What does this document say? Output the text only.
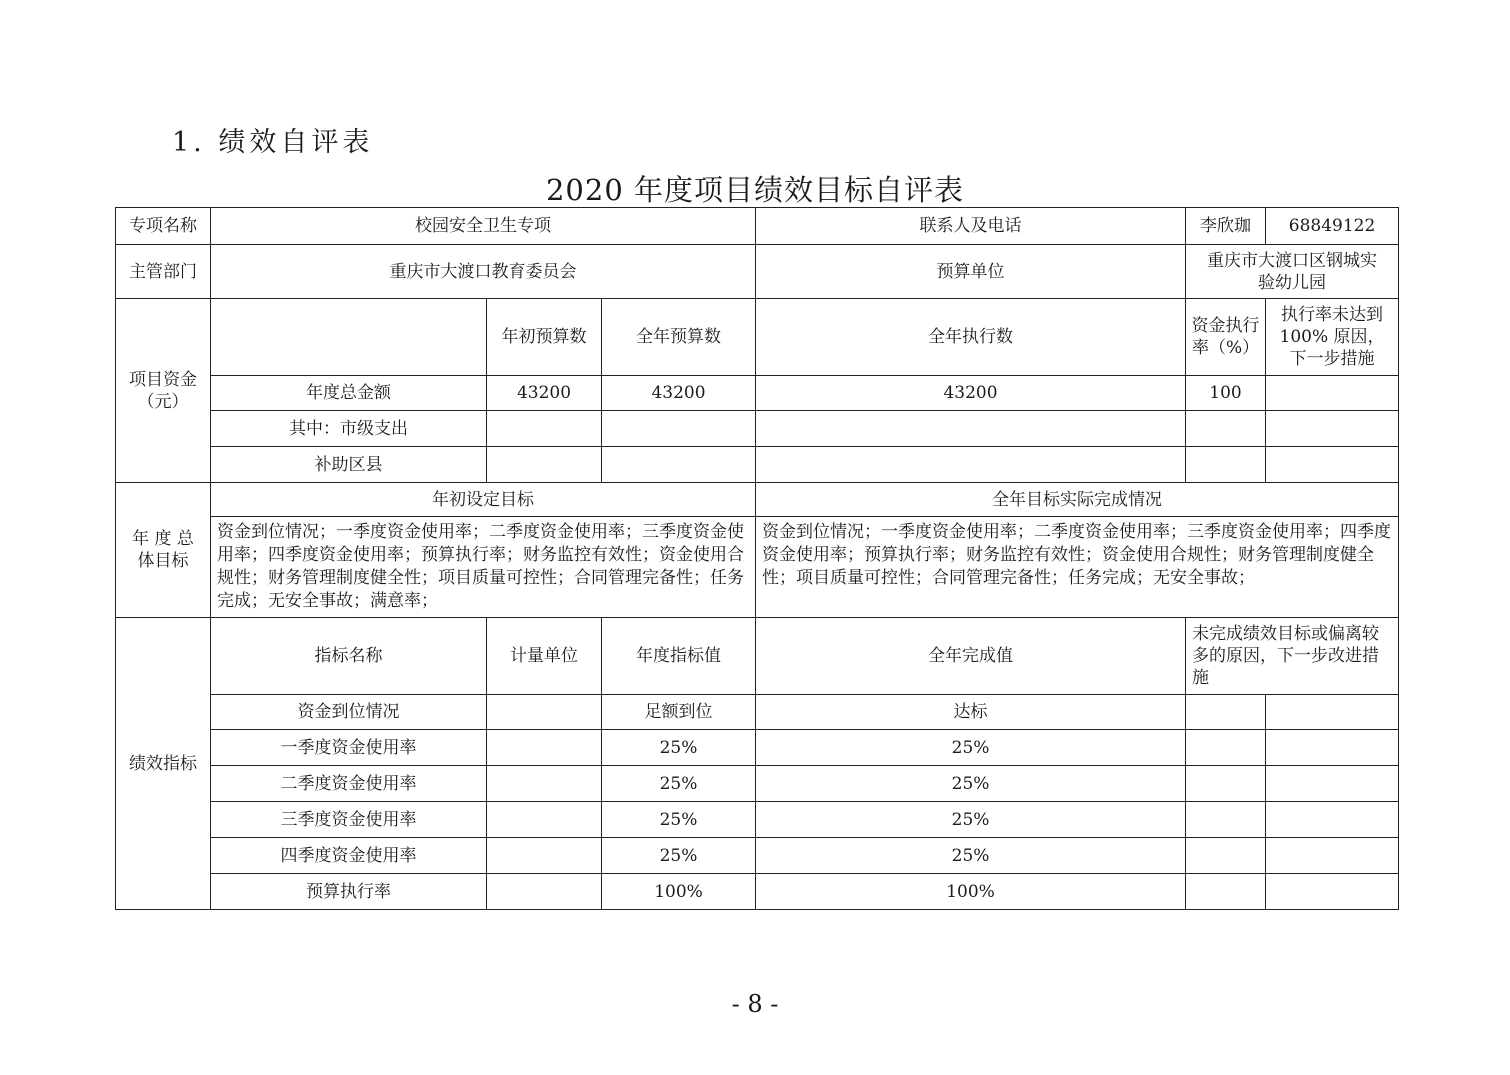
1. 绩效自评表
2020 年度项目绩效目标自评表
专项名称	校园安全卫生专项			联系人及电话	李欣珈	68849122
主管部门	重庆市大渡口教育委员会			预算单位	重庆市大渡口区钢城实验幼儿园	
项目资金（元）		年初预算数	全年预算数	全年执行数	资金执行率（%）	执行率未达到100% 原因，下一步措施
	年度总金额	43200	43200	43200	100	
	其中：市级支出					
	补助区县					
年 度 总体目标	年初设定目标			全年目标实际完成情况		
	资金到位情况；一季度资金使用率；二季度资金使用率；三季度资金使用率；四季度资金使用率；预算执行率；财务监控有效性；资金使用合规性；财务管理制度健全性；项目质量可控性；合同管理完备性；任务完成；无安全事故；满意率；			资金到位情况；一季度资金使用率；二季度资金使用率；三季度资金使用率；四季度资金使用率；预算执行率；财务监控有效性；资金使用合规性；财务管理制度健全性；项目质量可控性；合同管理完备性；任务完成；无安全事故；		
绩效指标	指标名称	计量单位	年度指标值	全年完成值	未完成绩效目标或偏离较多的原因，下一步改进措施	
	资金到位情况		足额到位	达标		
	一季度资金使用率		25%	25%		
	二季度资金使用率		25%	25%		
	三季度资金使用率		25%	25%		
	四季度资金使用率		25%	25%		
	预算执行率		100%	100%		
- 8 -
